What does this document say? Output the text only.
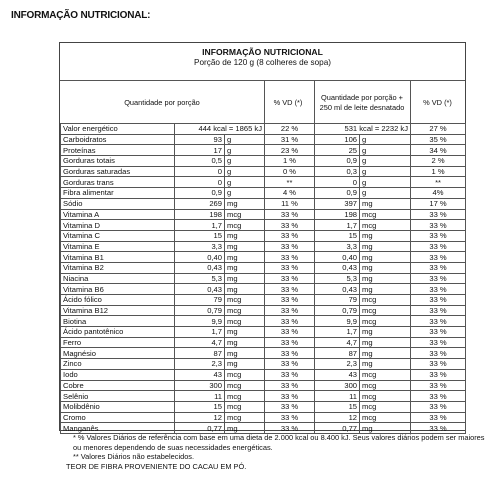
INFORMAÇÃO NUTRICIONAL:
INFORMAÇÃO NUTRICIONAL
Porção de 120 g (8 colheres de sopa)
Quantidade por porção	% VD (*)
Quantidade por porção + 250 ml de leite desnatado
% VD (*)
Valor energético	444 kcal = 1865 kJ		22 %	531 kcal = 2232 kJ		27 %
Carboidratos	93	g	31 %	106	g	35 %
Proteínas	17	g	23 %	25	g	34 %
Gorduras totais	0,5	g	1 %	0,9	g	2 %
Gorduras saturadas	0	g	0 %	0,3	g	1 %
Gorduras trans	0	g	**	0	g	**
Fibra alimentar	0,9	g	4 %	0,9	g	4%
Sódio	269	mg	11 %	397	mg	17 %
Vitamina A	198	mcg	33 %	198	mcg	33 %
Vitamina D	1,7	mcg	33 %	1,7	mcg	33 %
Vitamina C	15	mg	33 %	15	mg	33 %
Vitamina E	3,3	mg	33 %	3,3	mg	33 %
Vitamina B1	0,40	mg	33 %	0,40	mg	33 %
Vitamina B2	0,43	mg	33 %	0,43	mg	33 %
Niacina	5,3	mg	33 %	5,3	mg	33 %
Vitamina B6	0,43	mg	33 %	0,43	mg	33 %
Ácido fólico	79	mcg	33 %	79	mcg	33 %
Vitamina B12	0,79	mcg	33 %	0,79	mcg	33 %
Biotina	9,9	mcg	33 %	9,9	mcg	33 %
Ácido pantotênico	1,7	mg	33 %	1,7	mg	33 %
Ferro	4,7	mg	33 %	4,7	mg	33 %
Magnésio	87	mg	33 %	87	mg	33 %
Zinco	2,3	mg	33 %	2,3	mg	33 %
Iodo	43	mcg	33 %	43	mcg	33 %
Cobre	300	mcg	33 %	300	mcg	33 %
Selênio	11	mcg	33 %	11	mcg	33 %
Molibdênio	15	mcg	33 %	15	mcg	33 %
Cromo	12	mcg	33 %	12	mcg	33 %
Manganês	0,77	mg	33 %	0,77	mg	33 %
* % Valores Diários de referência com base em uma dieta de 2.000 kcal ou 8.400 kJ. Seus valores diários podem ser maiores ou menores dependendo de suas necessidades energéticas.
** Valores Diários não estabelecidos.
TEOR DE FIBRA PROVENIENTE DO CACAU EM PÓ.
